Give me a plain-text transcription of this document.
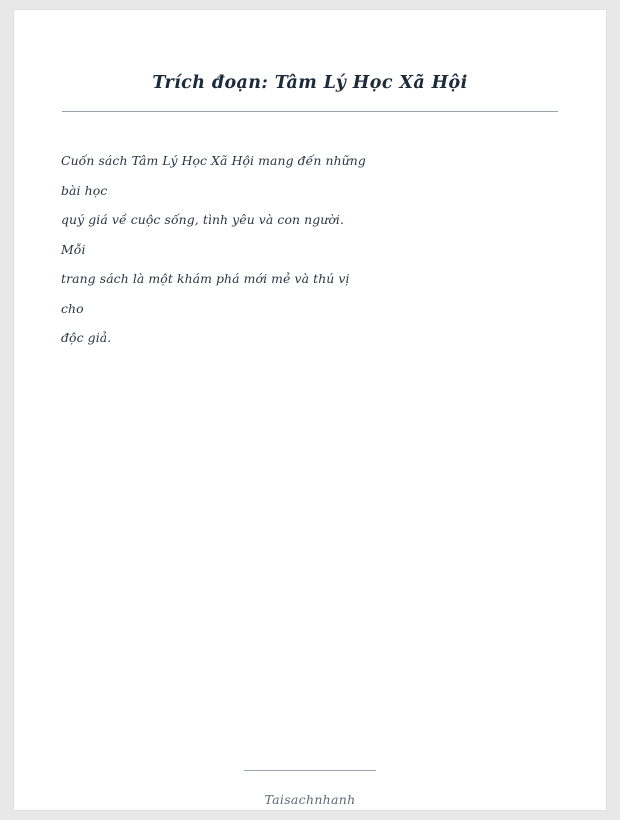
Trích đoạn: Tâm Lý Học Xã Hội
Cuốn sách Tâm Lý Học Xã Hội mang đến những
bài học
quý giá về cuộc sống, tình yêu và con người.
Mỗi
trang sách là một khám phá mới mẻ và thú vị
cho
độc giả.
Taisachnhanh
